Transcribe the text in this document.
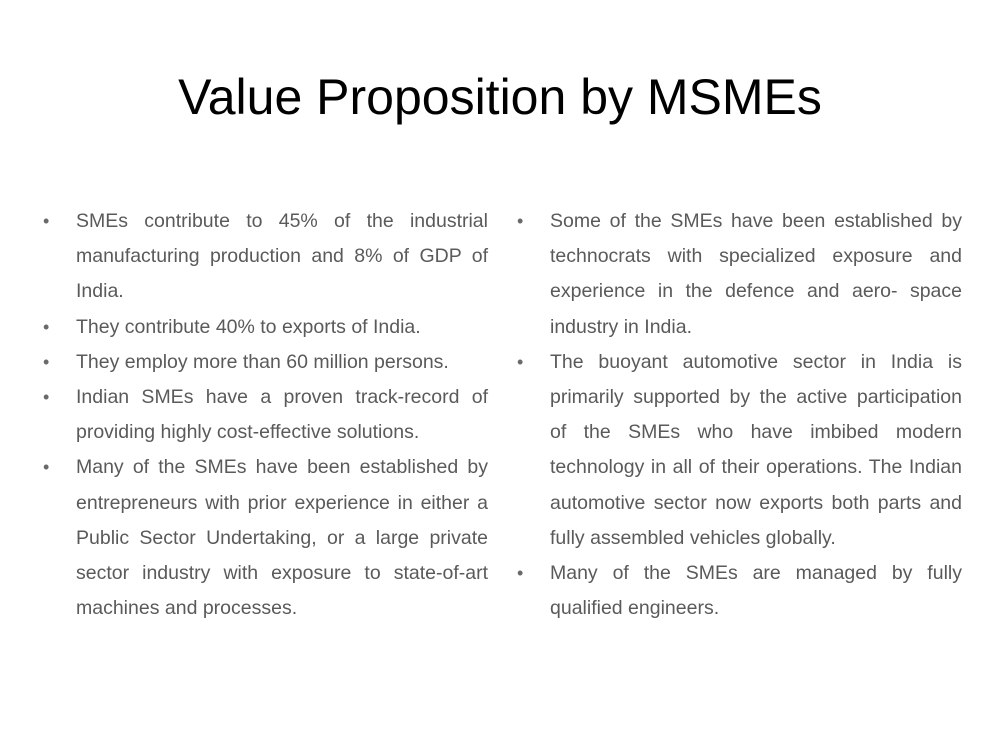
Value Proposition by MSMEs
• SMEs contribute to 45% of the industrial manufacturing production and 8% of GDP of India.
• They contribute 40% to exports of India.
• They employ more than 60 million persons.
• Indian SMEs have a proven track-record of providing highly cost-effective solutions.
• Many of the SMEs have been established by entrepreneurs with prior experience in either a Public Sector Undertaking, or a large private sector industry with exposure to state-of-art machines and processes.
• Some of the SMEs have been established by technocrats with specialized exposure and experience in the defence and aero- space industry in India.
• The buoyant automotive sector in India is primarily supported by the active participation of the SMEs who have imbibed modern technology in all of their operations. The Indian automotive sector now exports both parts and fully assembled vehicles globally.
• Many of the SMEs are managed by fully qualified engineers.
